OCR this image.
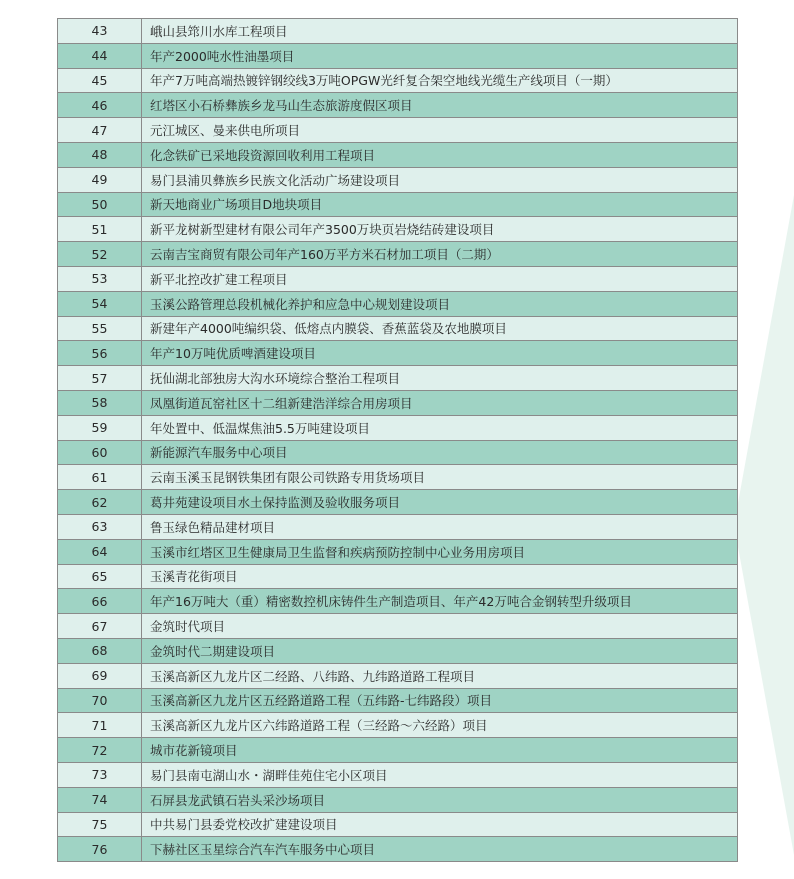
43	峨山县筇川水库工程项目
44	年产2000吨水性油墨项目
45	年产7万吨高端热镀锌钢绞线3万吨OPGW光纤复合架空地线光缆生产线项目（一期）
46	红塔区小石桥彝族乡龙马山生态旅游度假区项目
47	元江城区、曼来供电所项目
48	化念铁矿已采地段资源回收利用工程项目
49	易门县浦贝彝族乡民族文化活动广场建设项目
50	新天地商业广场项目D地块项目
51	新平龙树新型建材有限公司年产3500万块页岩烧结砖建设项目
52	云南吉宝商贸有限公司年产160万平方米石材加工项目（二期）
53	新平北控改扩建工程项目
54	玉溪公路管理总段机械化养护和应急中心规划建设项目
55	新建年产4000吨编织袋、低熔点内膜袋、香蕉蓝袋及农地膜项目
56	年产10万吨优质啤酒建设项目
57	抚仙湖北部独房大沟水环境综合整治工程项目
58	凤凰街道瓦窑社区十二组新建浩洋综合用房项目
59	年处置中、低温煤焦油5.5万吨建设项目
60	新能源汽车服务中心项目
61	云南玉溪玉昆钢铁集团有限公司铁路专用货场项目
62	葛井苑建设项目水土保持监测及验收服务项目
63	鲁玉绿色精品建材项目
64	玉溪市红塔区卫生健康局卫生监督和疾病预防控制中心业务用房项目
65	玉溪青花街项目
66	年产16万吨大（重）精密数控机床铸件生产制造项目、年产42万吨合金钢转型升级项目
67	金筑时代项目
68	金筑时代二期建设项目
69	玉溪高新区九龙片区二经路、八纬路、九纬路道路工程项目
70	玉溪高新区九龙片区五经路道路工程（五纬路-七纬路段）项目
71	玉溪高新区九龙片区六纬路道路工程（三经路～六经路）项目
72	城市花新镜项目
73	易门县南屯湖山水・湖畔佳苑住宅小区项目
74	石屏县龙武镇石岩头采沙场项目
75	中共易门县委党校改扩建建设项目
76	下赫社区玉星综合汽车汽车服务中心项目
